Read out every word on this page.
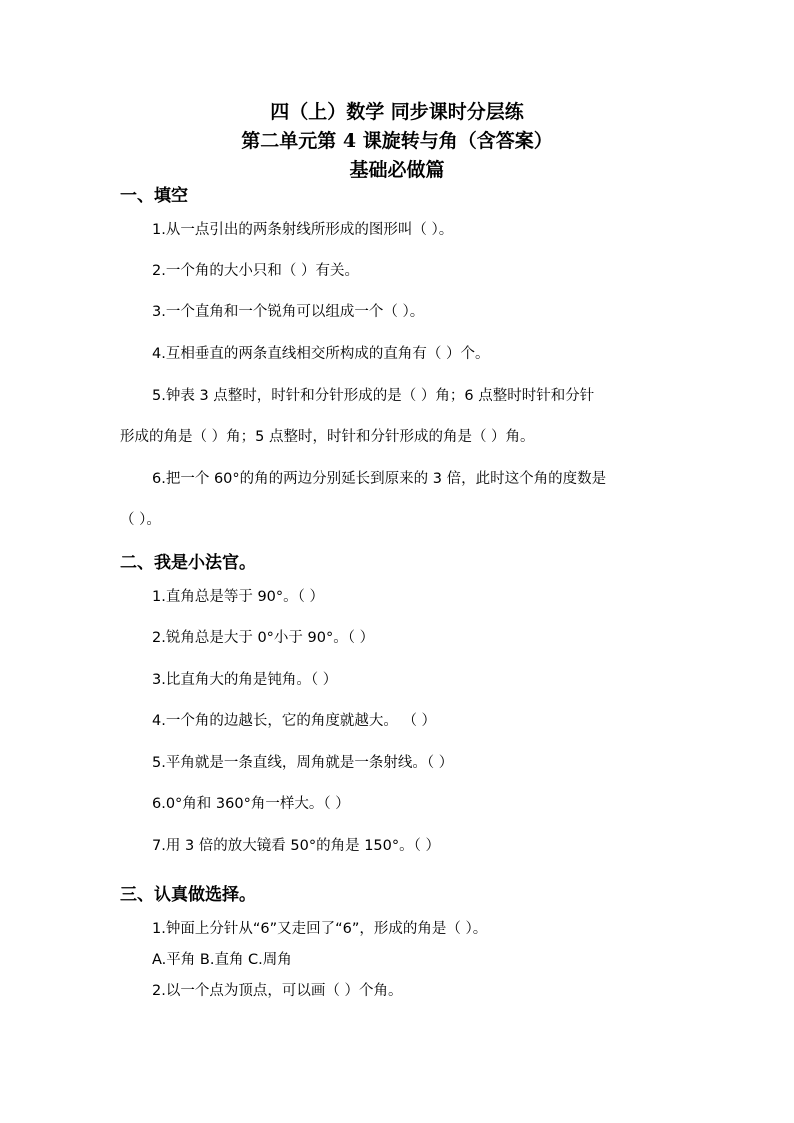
四（上）数学 同步课时分层练
第二单元第 4 课旋转与角（含答案）
基础必做篇
一、填空
1.从一点引出的两条射线所形成的图形叫（ ）。
2.一个角的大小只和（ ）有关。
3.一个直角和一个锐角可以组成一个（ ）。
4.互相垂直的两条直线相交所构成的直角有（ ）个。
5.钟表 3 点整时，时针和分针形成的是（ ）角；6 点整时时针和分针
形成的角是（ ）角；5 点整时，时针和分针形成的角是（ ）角。
6.把一个 60°的角的两边分别延长到原来的 3 倍，此时这个角的度数是
（ ）。
二、我是小法官。
1.直角总是等于 90°。（ ）
2.锐角总是大于 0°小于 90°。（ ）
3.比直角大的角是钝角。（ ）
4.一个角的边越长，它的角度就越大。 （ ）
5.平角就是一条直线，周角就是一条射线。（ ）
6.0°角和 360°角一样大。（ ）
7.用 3 倍的放大镜看 50°的角是 150°。（ ）
三、认真做选择。
1.钟面上分针从“6”又走回了“6”，形成的角是（ ）。
A.平角 B.直角 C.周角
2.以一个点为顶点，可以画（ ）个角。
